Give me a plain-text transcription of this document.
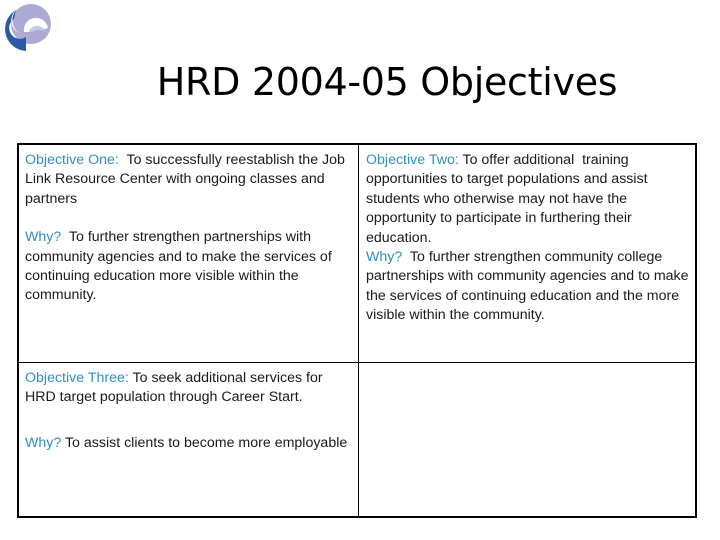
HRD 2004-05 Objectives

Objective One:  To successfully reestablish the Job Link Resource Center with ongoing classes and partners

Why?  To further strengthen partnerships with community agencies and to make the services of continuing education more visible within the community.

Objective Two: To offer additional  training opportunities to target populations and assist students who otherwise may not have the opportunity to participate in furthering their education.

Why?  To further strengthen community college partnerships with community agencies and to make the services of continuing education and the more visible within the community.

Objective Three: To seek additional services for HRD target population through Career Start.

Why? To assist clients to become more employable
